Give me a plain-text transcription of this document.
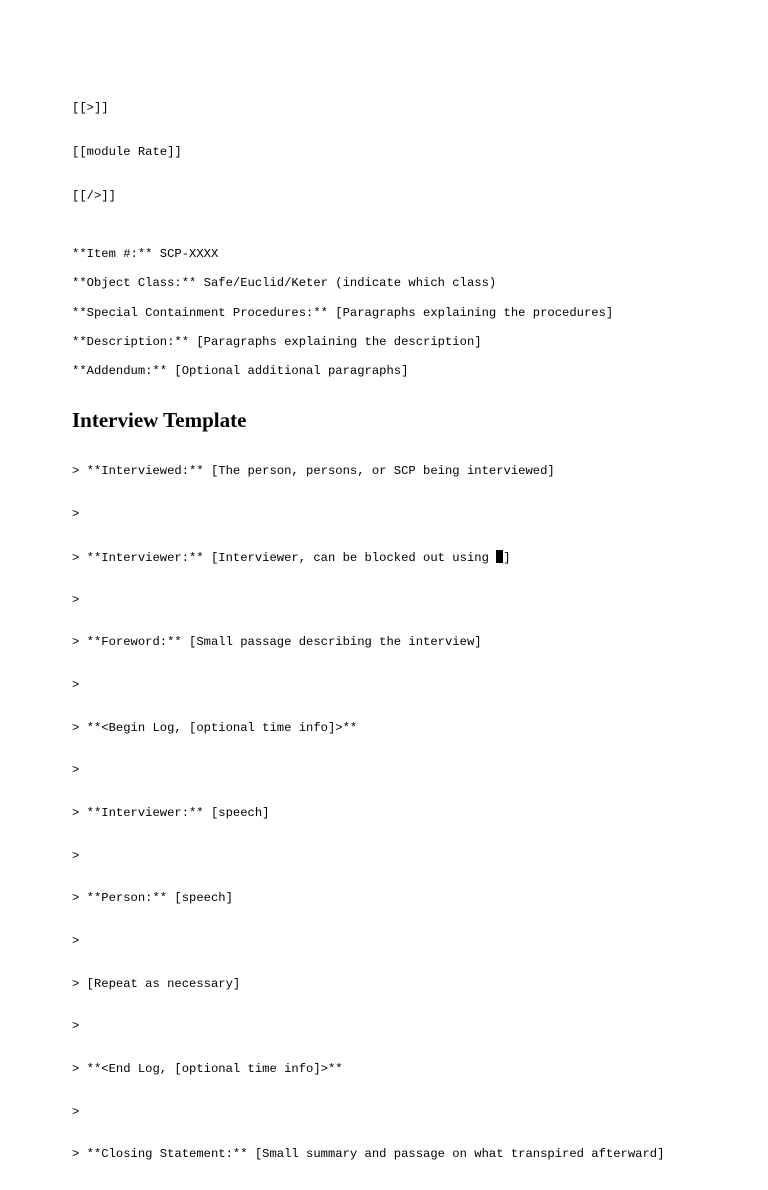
[[>]]

[[module Rate]]

[[/>]]

**Item #:** SCP-XXXX
**Object Class:** Safe/Euclid/Keter (indicate which class)
**Special Containment Procedures:** [Paragraphs explaining the procedures]
**Description:** [Paragraphs explaining the description]
**Addendum:** [Optional additional paragraphs]
Interview Template

> **Interviewed:** [The person, persons, or SCP being interviewed]

>

> **Interviewer:** [Interviewer, can be blocked out using ]

>

> **Foreword:** [Small passage describing the interview]

>

> **<Begin Log, [optional time info]>**

>

> **Interviewer:** [speech]

>

> **Person:** [speech]

>

> [Repeat as necessary]

>

> **<End Log, [optional time info]>**

>

> **Closing Statement:** [Small summary and passage on what transpired afterward]
